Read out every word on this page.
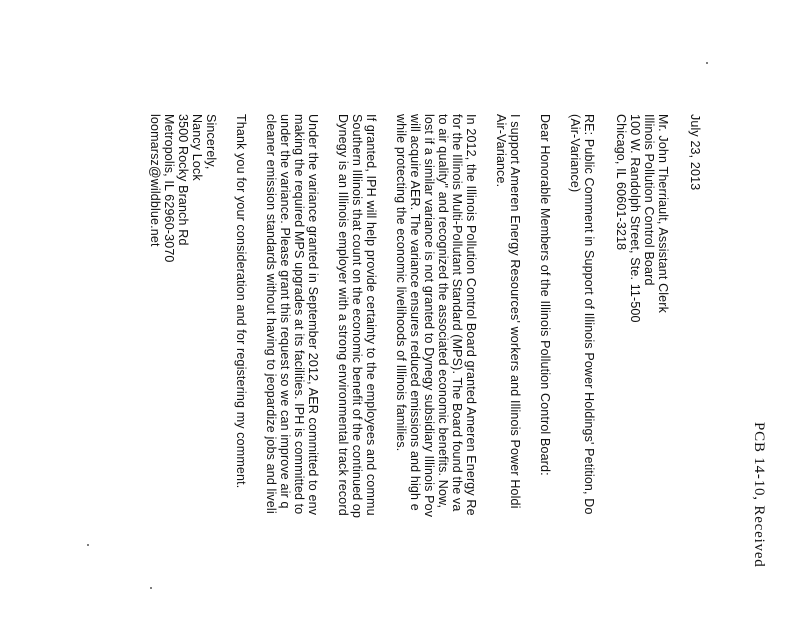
PCB 14-10, Received
July 23, 2013
Mr. John Therriault, Assistant Clerk
Illinois Pollution Control Board
100 W. Randolph Street, Ste. 11-500
Chicago, IL 60601-3218
RE: Public Comment in Support of Illinois Power Holdings' Petition, Do
(Air-Variance)
Dear Honorable Members of the Illinois Pollution Control Board:
I support Ameren Energy Resources' workers and Illinois Power Holdi
Air-Variance.
In 2012, the Illinois Pollution Control Board granted Ameren Energy Re
for the Illinois Multi-Pollutant Standard (MPS). The Board found the va
to air quality" and recognized the associated economic benefits. Now,
lost if a similar variance is not granted to Dynegy subsidiary Illinois Pov
will acquire AER. The variance ensures reduced emissions and high e
while protecting the economic livelihoods of Illinois families.
If granted, IPH will help provide certainty to the employees and commu
Southern Illinois that count on the economic benefit of the continued op
Dynegy is an Illinois employer with a strong environmental track record
Under the variance granted in September 2012, AER committed to env
making the required MPS upgrades at its facilities. IPH is committed to
under the variance. Please grant this request so we can improve air q
cleaner emission standards without having to jeopardize jobs and liveli
Thank you for your consideration and for registering my comment.
Sincerely,
Nancy Lock
3500 Rocky Branch Rd
Metropolis, IL 62960-3070
loomarsz@wildblue.net
